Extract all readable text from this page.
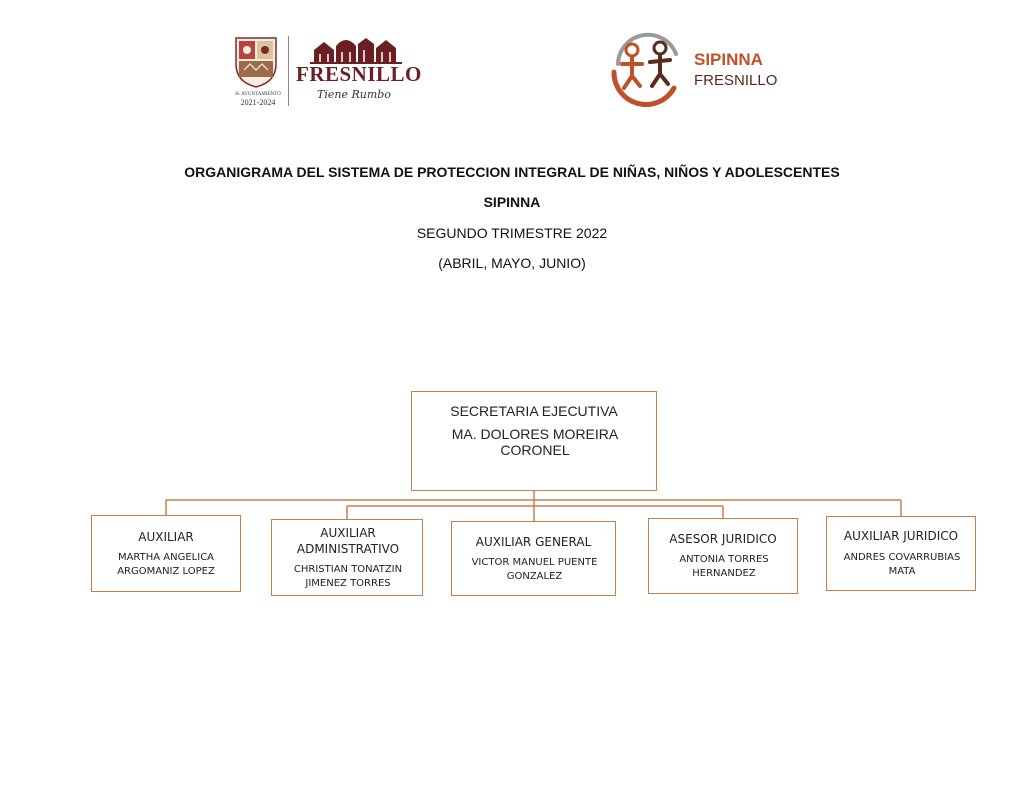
H. AYUNTAMIENTO
2021-2024
FRESNILLO
Tiene Rumbo
SIPINNA
FRESNILLO
ORGANIGRAMA DEL SISTEMA DE PROTECCION INTEGRAL DE NIÑAS, NIÑOS Y ADOLESCENTES
SIPINNA
SEGUNDO TRIMESTRE 2022
(ABRIL, MAYO, JUNIO)
SECRETARIA EJECUTIVA
MA. DOLORES MOREIRA CORONEL
AUXILIAR
MARTHA ANGELICA ARGOMANIZ LOPEZ
AUXILIAR ADMINISTRATIVO
CHRISTIAN TONATZIN JIMENEZ TORRES
AUXILIAR GENERAL
VICTOR MANUEL PUENTE GONZALEZ
ASESOR JURIDICO
ANTONIA TORRES HERNANDEZ
AUXILIAR JURIDICO
ANDRES COVARRUBIAS MATA
